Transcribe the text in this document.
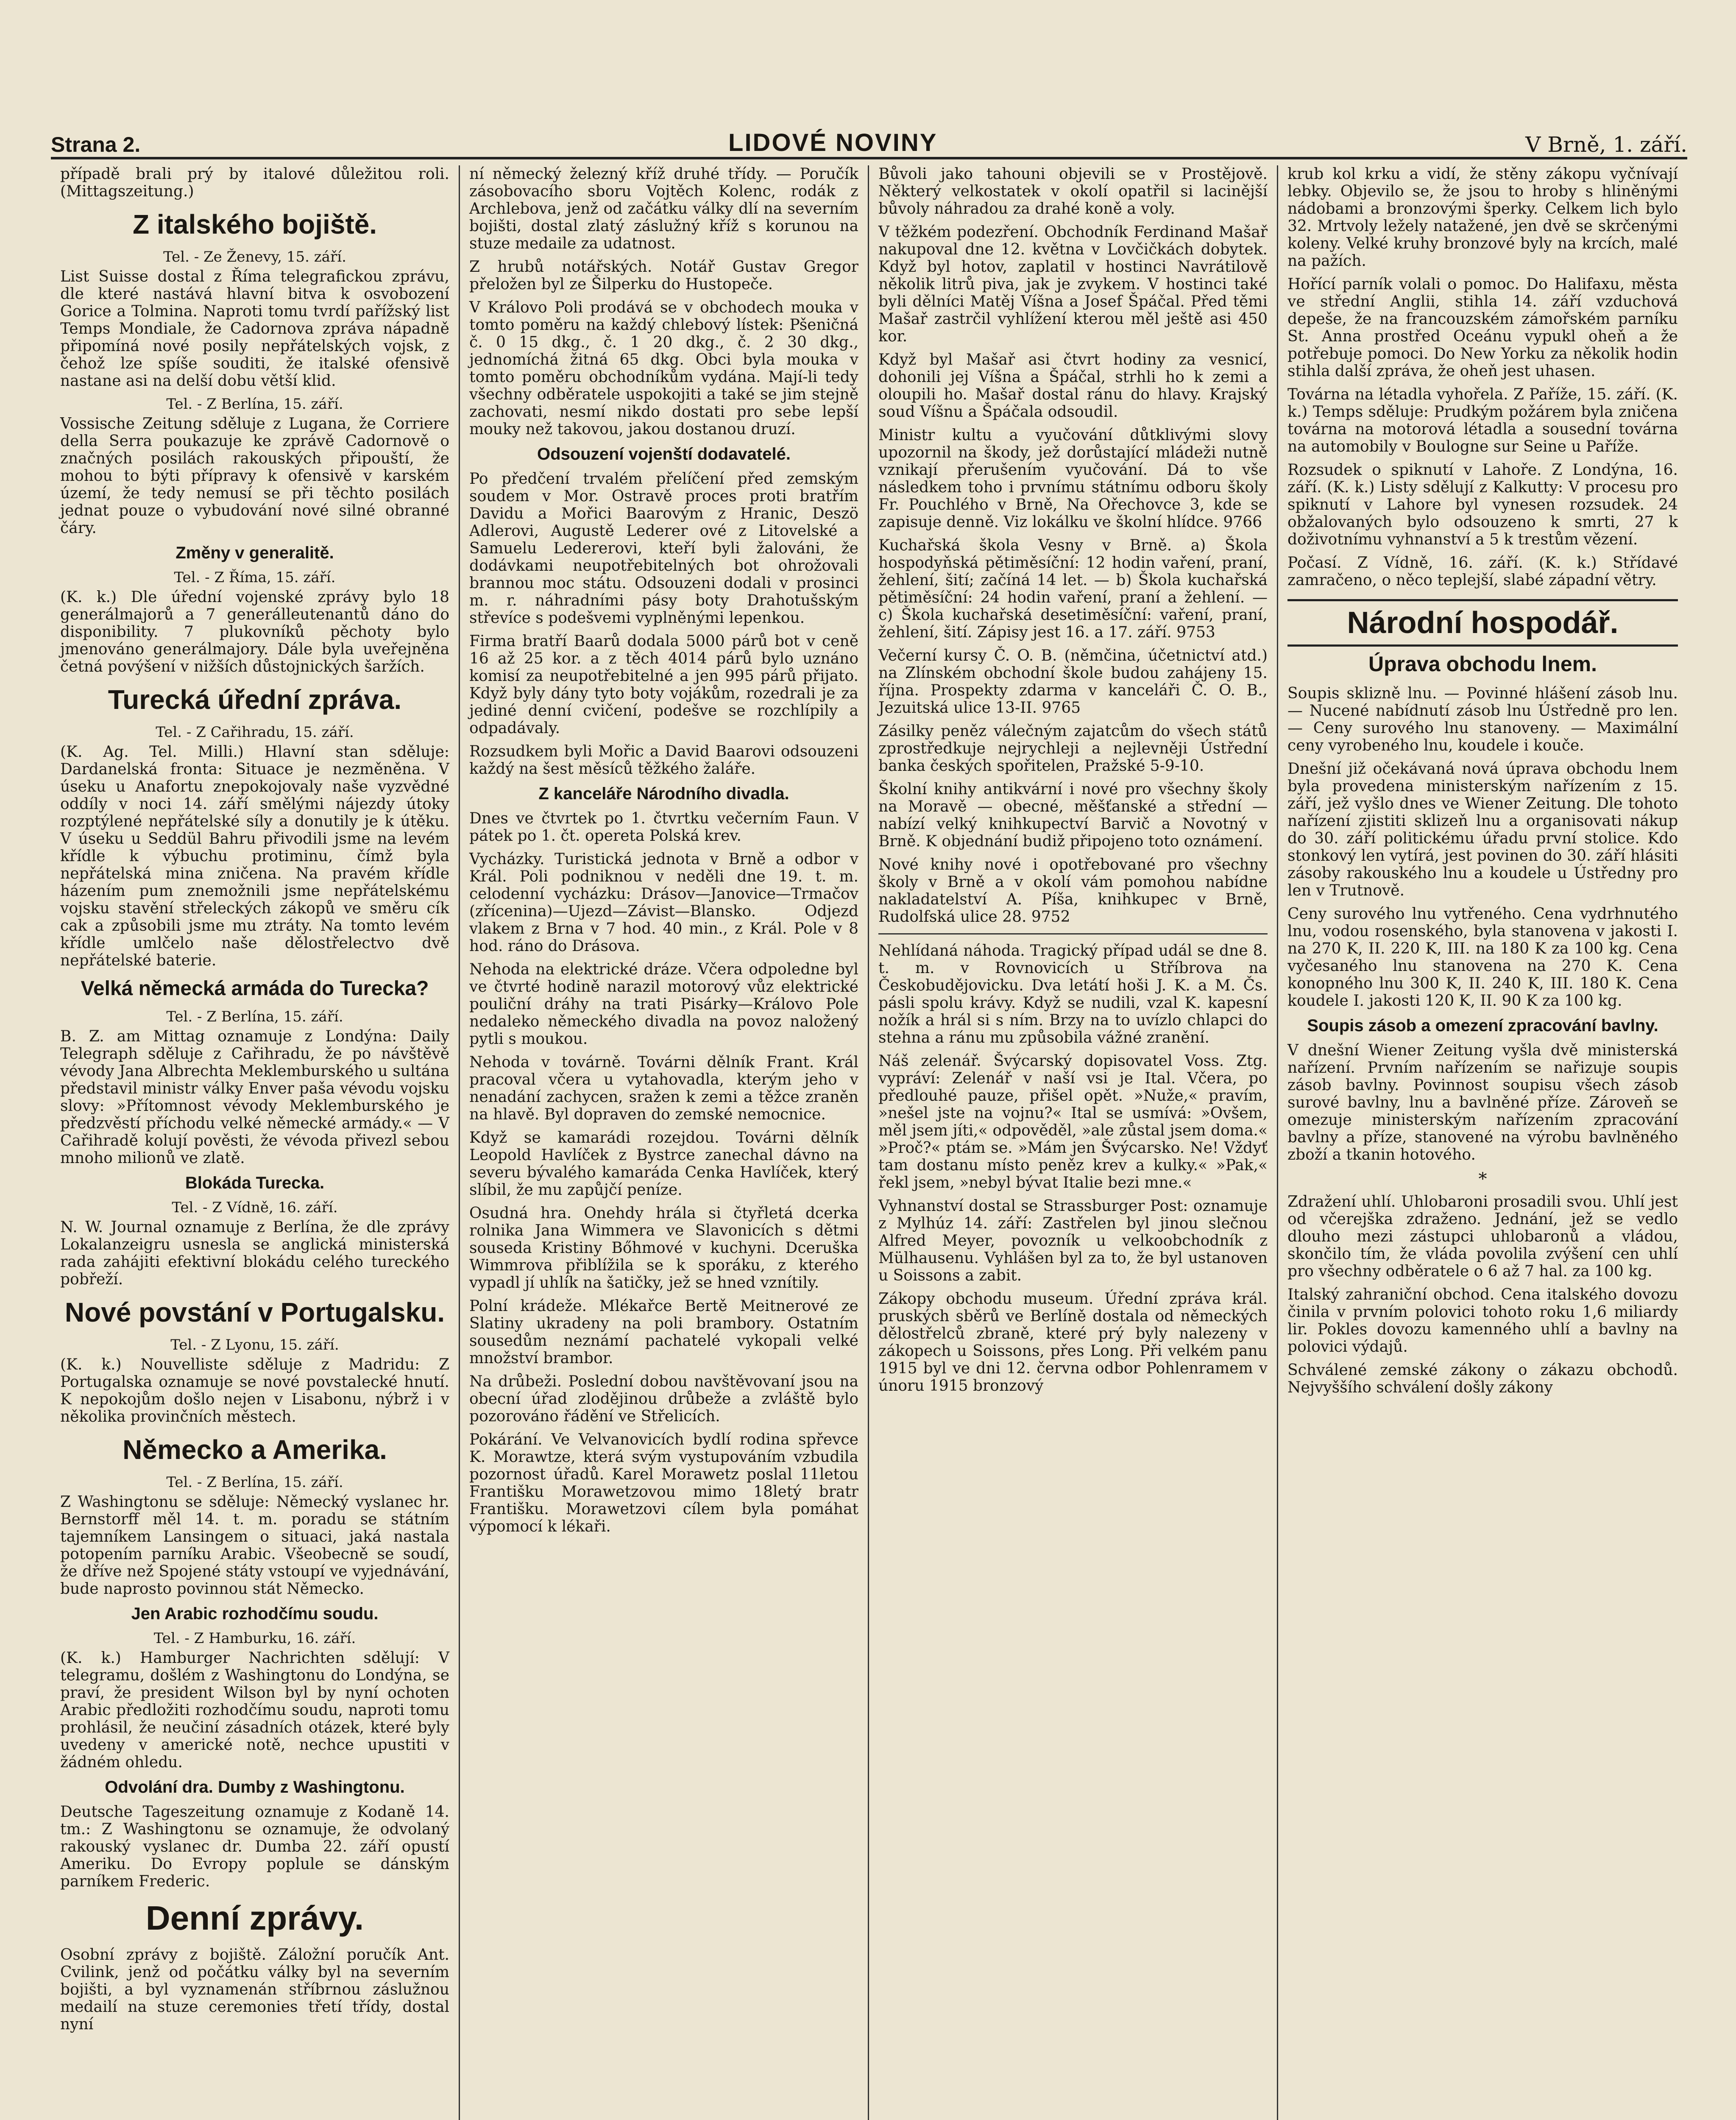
Strana 2.	LIDOVÉ NOVINY	V Brně, 1. září.

případě brali prý by italové důležitou roli. (Mittagszeitung.)

Z italského bojiště.
Tel. - Ze Ženevy, 15. září.

List Suisse dostal z Říma telegrafickou zprávu, dle které nastává hlavní bitva k osvobození Gorice a Tolmina. Naproti tomu tvrdí pařížský list Temps Mondiale, že Cadornova zpráva nápadně připomíná nové posily nepřátelských vojsk, z čehož lze spíše souditi, že italské ofensivě nastane asi na delší dobu větší klid.

Tel. - Z Berlína, 15. září.

Vossische Zeitung sděluje z Lugana, že Corriere della Serra poukazuje ke zprávě Cadornově o značných posilách rakouských připouští, že mohou to býti přípravy k ofensivě v karském území, že tedy nemusí se při těchto posilách jednat pouze o vybudování nové silné obranné čáry.

Změny v generalitě.
Tel. - Z Říma, 15. září.

(K. k.) Dle úřední vojenské zprávy bylo 18 generálmajorů a 7 generálleutenantů dáno do disponibility. 7 plukovníků pěchoty bylo jmenováno generálmajory. Dále byla uveřejněna četná povýšení v nižších důstojnických šaržích.

Turecká úřední zpráva.
Tel. - Z Cařihradu, 15. září.

(K. Ag. Tel. Milli.) Hlavní stan sděluje: Dardanelská fronta: Situace je nezměněna. V úseku u Anafortu znepokojovaly naše vyzvědné oddíly v noci 14. září smělými nájezdy útoky rozptýlené nepřátelské síly a donutily je k útěku. V úseku u Seddül Bahru přivodili jsme na levém křídle k výbuchu protiminu, čímž byla nepřátelská mina zničena. Na pravém křídle házením pum znemožnili jsme nepřátelskému vojsku stavění střeleckých zákopů ve směru cík cak a způsobili jsme mu ztráty. Na tomto levém křídle umlčelo naše dělostřelectvo dvě nepřátelské baterie.

Velká německá armáda do Turecka?
Tel. - Z Berlína, 15. září.

B. Z. am Mittag oznamuje z Londýna: Daily Telegraph sděluje z Cařihradu, že po návštěvě vévody Jana Albrechta Meklemburského u sultána představil ministr války Enver paša vévodu vojsku slovy: »Přítomnost vévody Meklemburského je předzvěstí příchodu velké německé armády.« — V Cařihradě kolují pověsti, že vévoda přivezl sebou mnoho milionů ve zlatě.

Blokáda Turecka.
Tel. - Z Vídně, 16. září.

N. W. Journal oznamuje z Berlína, že dle zprávy Lokalanzeigru usnesla se anglická ministerská rada zahájiti efektivní blokádu celého tureckého pobřeží.

Nové povstání v Portugalsku.
Tel. - Z Lyonu, 15. září.

(K. k.) Nouvelliste sděluje z Madridu: Z Portugalska oznamuje se nové povstalecké hnutí. K nepokojům došlo nejen v Lisabonu, nýbrž i v několika provinčních městech.

Německo a Amerika.
Tel. - Z Berlína, 15. září.

Z Washingtonu se sděluje: Německý vyslanec hr. Bernstorff měl 14. t. m. poradu se státním tajemníkem Lansingem o situaci, jaká nastala potopením parníku Arabic. Všeobecně se soudí, že dříve než Spojené státy vstoupí ve vyjednávání, bude naprosto povinnou stát Německo.

Jen Arabic rozhodčímu soudu.
Tel. - Z Hamburku, 16. září.

(K. k.) Hamburger Nachrichten sdělují: V telegramu, došlém z Washingtonu do Londýna, se praví, že president Wilson byl by nyní ochoten Arabic předložiti rozhodčímu soudu, naproti tomu prohlásil, že neučiní zásadních otázek, které byly uvedeny v americké notě, nechce upustiti v žádném ohledu.

Odvolání dra. Dumby z Washingtonu.

Deutsche Tageszeitung oznamuje z Kodaně 14. tm.: Z Washingtonu se oznamuje, že odvolaný rakouský vyslanec dr. Dumba 22. září opustí Ameriku. Do Evropy poplule se dánským parníkem Frederic.

Denní zprávy.

Osobní zprávy z bojiště. Záložní poručík Ant. Cvilink, jenž od počátku války byl na severním bojišti, a byl vyznamenán stříbrnou záslužnou medailí na stuze ceremonies třetí třídy, dostal nyní

ní německý železný kříž druhé třídy. — Poručík zásobovacího sboru Vojtěch Kolenc, rodák z Archlebova, jenž od začátku války dlí na severním bojišti, dostal zlatý záslužný kříž s korunou na stuze medaile za udatnost.

Z hrubů notářských. Notář Gustav Gregor přeložen byl ze Šilperku do Hustopeče.

V Královo Poli prodává se v obchodech mouka v tomto poměru na každý chlebový lístek: Pšeničná č. 0 15 dkg., č. 1 20 dkg., č. 2 30 dkg., jednomíchá žitná 65 dkg. Obci byla mouka v tomto poměru obchodníkům vydána. Mají-li tedy všechny odběratele uspokojiti a také se jim stejně zachovati, nesmí nikdo dostati pro sebe lepší mouky než takovou, jakou dostanou druzí.

Odsouzení vojenští dodavatelé.

Po předčení trvalém přelíčení před zemským soudem v Mor. Ostravě proces proti bratřím Davidu a Mořici Baarovým z Hranic, Deszö Adlerovi, Augustě Lederer ové z Litovelské a Samuelu Ledererovi, kteří byli žalováni, že dodávkami neupotřebitelných bot ohrožovali brannou moc státu. Odsouzeni dodali v prosinci m. r. náhradními pásy boty Drahotušským střevíce s podešvemi vyplněnými lepenkou.

Firma bratří Baarů dodala 5000 párů bot v ceně 16 až 25 kor. a z těch 4014 párů bylo uznáno komisí za neupotřebitelné a jen 995 párů přijato. Když byly dány tyto boty vojákům, rozedrali je za jediné denní cvičení, podešve se rozchlípily a odpadávaly.

Rozsudkem byli Mořic a David Baarovi odsouzeni každý na šest měsíců těžkého žaláře.

Z kanceláře Národního divadla.

Dnes ve čtvrtek po 1. čtvrtku večerním Faun. V pátek po 1. čt. opereta Polská krev.

Vycházky. Turistická jednota v Brně a odbor v Král. Poli podniknou v neděli dne 19. t. m. celodenní vycházku: Drásov—Janovice—Trmačov (zřícenina)—Ujezd—Závist—Blansko. Odjezd vlakem z Brna v 7 hod. 40 min., z Král. Pole v 8 hod. ráno do Drásova.

Nehoda na elektrické dráze. Včera odpoledne byl ve čtvrté hodině narazil motorový vůz elektrické pouliční dráhy na trati Pisárky—Královo Pole nedaleko německého divadla na povoz naložený pytli s moukou.

Nehoda v továrně. Továrni dělník Frant. Král pracoval včera u vytahovadla, kterým jeho v nenadání zachycen, sražen k zemi a těžce zraněn na hlavě. Byl dopraven do zemské nemocnice.

Když se kamarádi rozejdou. Továrni dělník Leopold Havlíček z Bystrce zanechal dávno na severu bývalého kamaráda Cenka Havlíček, který slíbil, že mu zapůjčí peníze.

Osudná hra. Onehdy hrála si čtyřletá dcerka rolnika Jana Wimmera ve Slavonicích s dětmi souseda Kristiny Bőhmové v kuchyni. Dceruška Wimmrova přiblížila se k sporáku, z kterého vypadl jí uhlík na šatičky, jež se hned vznítily.

Polní krádeže. Mlékařce Bertě Meitnerové ze Slatiny ukradeny na poli brambory. Ostatním sousedům neznámí pachatelé vykopali velké množství brambor.

Na drůbeži. Poslední dobou navštěvovaní jsou na obecní úřad zlodějinou drůbeže a zvláště bylo pozorováno řádění ve Střelicích.

Pokárání. Ve Velvanovicích bydlí rodina spřevce K. Morawtze, která svým vystupováním vzbudila pozornost úřadů. Karel Morawetz poslal 11letou Františku Morawetzovou mimo 18letý bratr Františku. Morawetzovi cílem byla pomáhat výpomocí k lékaři.

Bůvoli jako tahouni objevili se v Prostějově. Některý velkostatek v okolí opatřil si lacinější bůvoly náhradou za drahé koně a voly.

V těžkém podezření. Obchodník Ferdinand Mašař nakupoval dne 12. května v Lovčičkách dobytek. Když byl hotov, zaplatil v hostinci Navrátilově několik litrů piva, jak je zvykem. V hostinci také byli dělníci Matěj Víšna a Josef Špáčal. Před těmi Mašař zastrčil vyhlížení kterou měl ještě asi 450 kor.

Když byl Mašař asi čtvrt hodiny za vesnicí, dohonili jej Víšna a Špáčal, strhli ho k zemi a oloupili ho. Mašař dostal ránu do hlavy. Krajský soud Víšnu a Špáčala odsoudil.

Ministr kultu a vyučování důtklivými slovy upozornil na škody, jež dorůstající mládeži nutně vznikají přerušením vyučování. Dá to vše následkem toho i prvnímu státnímu odboru školy Fr. Pouchlého v Brně, Na Ořechovce 3, kde se zapisuje denně. Viz lokálku ve školní hlídce. 9766

Kuchařská škola Vesny v Brně. a) Škola hospodyňská pětiměsíční: 12 hodin vaření, praní, žehlení, šití; začíná 14 let. — b) Škola kuchařská pětiměsíční: 24 hodin vaření, praní a žehlení. — c) Škola kuchařská desetiměsíční: vaření, praní, žehlení, šití. Zápisy jest 16. a 17. září. 9753

Večerní kursy Č. O. B. (němčina, účetnictví atd.) na Zlínském obchodní škole budou zahájeny 15. října. Prospekty zdarma v kanceláři Č. O. B., Jezuitská ulice 13-II. 9765

Zásilky peněz válečným zajatcům do všech států zprostředkuje nejrychleji a nejlevněji Ústřední banka českých spořitelen, Pražské 5-9-10.

Školní knihy antikvární i nové pro všechny školy na Moravě — obecné, měšťanské a střední — nabízí velký knihkupectví Barvič a Novotný v Brně. K objednání budiž připojeno toto oznámení.

Nové knihy nové i opotřebované pro všechny školy v Brně a v okolí vám pomohou nabídne nakladatelství A. Píša, knihkupec v Brně, Rudolfská ulice 28. 9752

Nehlídaná náhoda. Tragický případ udál se dne 8. t. m. v Rovnovicích u Stříbrova na Českobudějovicku. Dva letátí hoši J. K. a M. Čs. pásli spolu krávy. Když se nudili, vzal K. kapesní nožík a hrál si s ním. Brzy na to uvízlo chlapci do stehna a ránu mu způsobila vážné zranění.

Náš zelenář. Švýcarský dopisovatel Voss. Ztg. vypráví: Zelenář v naší vsi je Ital. Včera, po předlouhé pauze, přišel opět. »Nuže,« pravím, »nešel jste na vojnu?« Ital se usmívá: »Ovšem, měl jsem jíti,« odpověděl, »ale zůstal jsem doma.« »Proč?« ptám se. »Mám jen Švýcarsko. Ne! Vždyť tam dostanu místo peněz krev a kulky.« »Pak,« řekl jsem, »nebyl bývat Italie bezi mne.«

Vyhnanství dostal se Strassburger Post: oznamuje z Mylhúz 14. září: Zastřelen byl jinou slečnou Alfred Meyer, povozník u velkoobchodník z Mülhausenu. Vyhlášen byl za to, že byl ustanoven u Soissons a zabit.

Zákopy obchodu museum. Úřední zpráva král. pruských sběrů ve Berlíně dostala od německých dělostřelců zbraně, které prý byly nalezeny v zákopech u Soissons, přes Long. Při velkém panu 1915 byl ve dni 12. června odbor Pohlenramem v únoru 1915 bronzový

krub kol krku a vidí, že stěny zákopu vyčnívají lebky. Objevilo se, že jsou to hroby s hliněnými nádobami a bronzovými šperky. Celkem lich bylo 32. Mrtvoly ležely natažené, jen dvě se skrčenými koleny. Velké kruhy bronzové byly na krcích, malé na pažích.

Hořící parník volali o pomoc. Do Halifaxu, města ve střední Anglii, stihla 14. září vzduchová depeše, že na francouzském zámořském parníku St. Anna prostřed Oceánu vypukl oheň a že potřebuje pomoci. Do New Yorku za několik hodin stihla další zpráva, že oheň jest uhasen.

Továrna na létadla vyhořela. Z Paříže, 15. září. (K. k.) Temps sděluje: Prudkým požárem byla zničena továrna na motorová létadla a sousední továrna na automobily v Boulogne sur Seine u Paříže.

Rozsudek o spiknutí v Lahoře. Z Londýna, 16. září. (K. k.) Listy sdělují z Kalkutty: V procesu pro spiknutí v Lahore byl vynesen rozsudek. 24 obžalovaných bylo odsouzeno k smrti, 27 k doživotnímu vyhnanství a 5 k trestům vězení.

Počasí. Z Vídně, 16. září. (K. k.) Střídavé zamračeno, o něco teplejší, slabé západní větry.

Národní hospodář.
Úprava obchodu lnem.

Soupis sklizně lnu. — Povinné hlášení zásob lnu. — Nucené nabídnutí zásob lnu Ústředně pro len. — Ceny surového lnu stanoveny. — Maximální ceny vyrobeného lnu, koudele i kouče.

Dnešní již očekávaná nová úprava obchodu lnem byla provedena ministerským nařízením z 15. září, jež vyšlo dnes ve Wiener Zeitung. Dle tohoto nařízení zjistiti sklizeň lnu a organisovati nákup do 30. září politickému úřadu první stolice. Kdo stonkový len vytírá, jest povinen do 30. září hlásiti zásoby rakouského lnu a koudele u Ústředny pro len v Trutnově.

Ceny surového lnu vytřeného. Cena vydrhnutého lnu, vodou rosenského, byla stanovena v jakosti I. na 270 K, II. 220 K, III. na 180 K za 100 kg. Cena vyčesaného lnu stanovena na 270 K. Cena konopného lnu 300 K, II. 240 K, III. 180 K. Cena koudele I. jakosti 120 K, II. 90 K za 100 kg.

Soupis zásob a omezení zpracování bavlny.

V dnešní Wiener Zeitung vyšla dvě ministerská nařízení. Prvním nařízením se nařizuje soupis zásob bavlny. Povinnost soupisu všech zásob surové bavlny, lnu a bavlněné příze. Zároveň se omezuje ministerským nařízením zpracování bavlny a příze, stanovené na výrobu bavlněného zboží a tkanin hotového.

*

Zdražení uhlí. Uhlobaroni prosadili svou. Uhlí jest od včerejška zdraženo. Jednání, jež se vedlo dlouho mezi zástupci uhlobaronů a vládou, skončilo tím, že vláda povolila zvýšení cen uhlí pro všechny odběratele o 6 až 7 hal. za 100 kg.

Italský zahraniční obchod. Cena italského dovozu činila v prvním polovici tohoto roku 1,6 miliardy lir. Pokles dovozu kamenného uhlí a bavlny na polovici výdajů.

Schválené zemské zákony o zákazu obchodů. Nejvyššího schválení došly zákony
